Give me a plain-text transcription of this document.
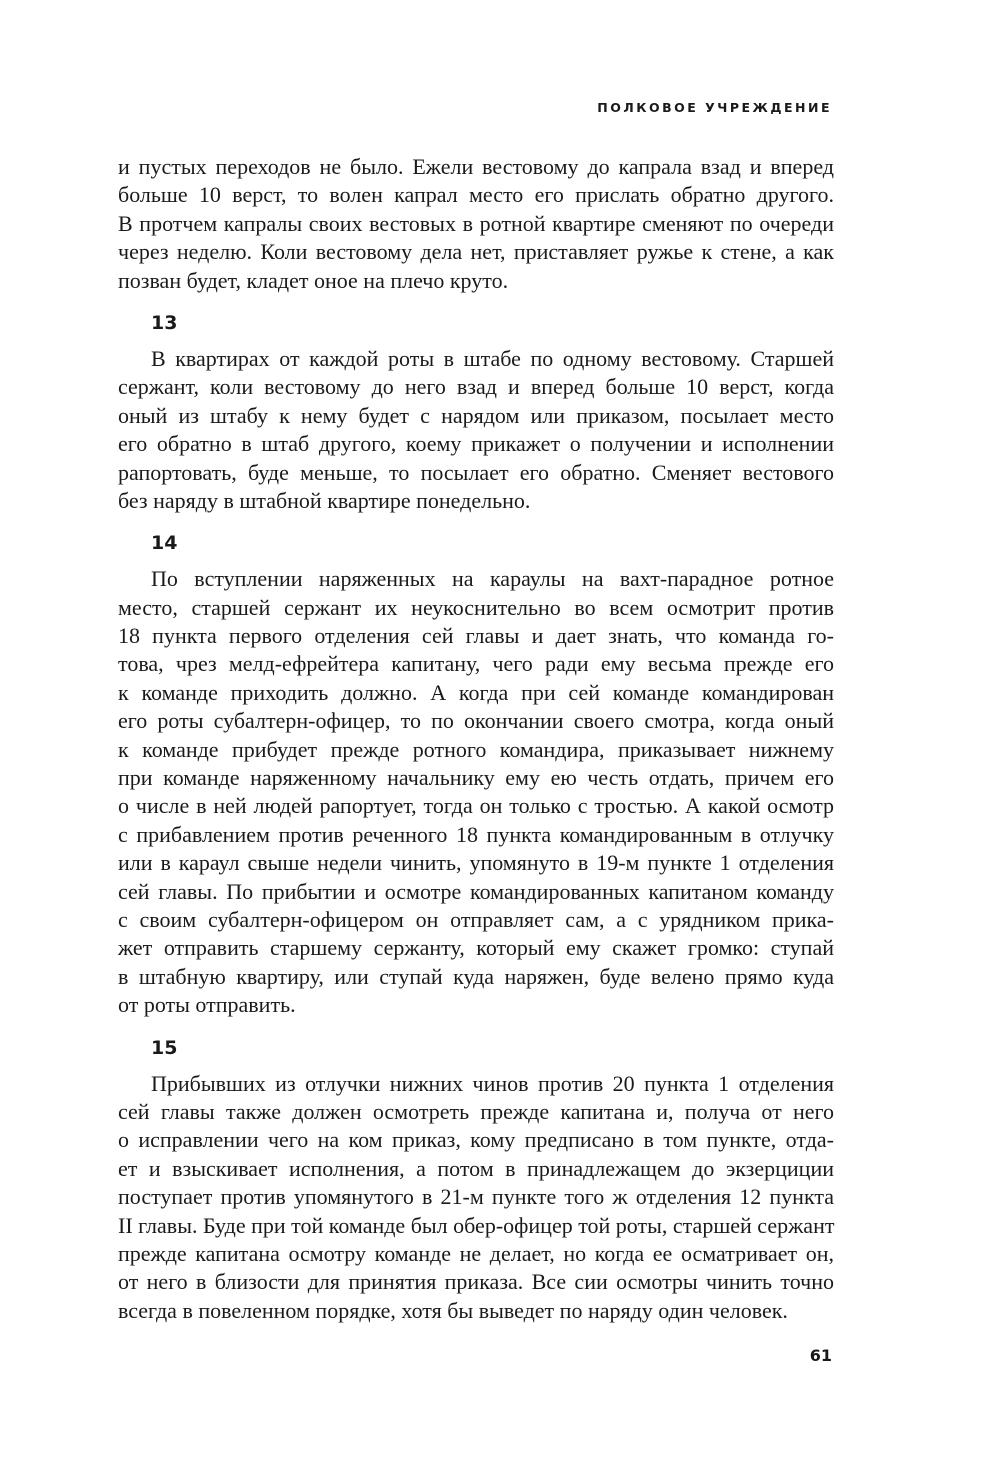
ПОЛКОВОЕ УЧРЕЖДЕНИЕ
и пустых переходов не было. Ежели вестовому до капрала взад и вперед
больше 10 верст, то волен капрал место его прислать обратно другого.
В протчем капралы своих вестовых в ротной квартире сменяют по очереди
через неделю. Коли вестовому дела нет, приставляет ружье к стене, а как
позван будет, кладет оное на плечо круто.
13
В квартирах от каждой роты в штабе по одному вестовому. Старшей
сержант, коли вестовому до него взад и вперед больше 10 верст, когда
оный из штабу к нему будет с нарядом или приказом, посылает место
его обратно в штаб другого, коему прикажет о получении и исполнении
рапортовать, буде меньше, то посылает его обратно. Сменяет вестового
без наряду в штабной квартире понедельно.
14
По вступлении наряженных на караулы на вахт-парадное ротное
место, старшей сержант их неукоснительно во всем осмотрит против
18 пункта первого отделения сей главы и дает знать, что команда го-
това, чрез мелд-ефрейтера капитану, чего ради ему весьма прежде его
к команде приходить должно. А когда при сей команде командирован
его роты субалтерн-офицер, то по окончании своего смотра, когда оный
к команде прибудет прежде ротного командира, приказывает нижнему
при команде наряженному начальнику ему ею честь отдать, причем его
о числе в ней людей рапортует, тогда он только с тростью. А какой осмотр
с прибавлением против реченного 18 пункта командированным в отлучку
или в караул свыше недели чинить, упомянуто в 19-м пункте 1 отделения
сей главы. По прибытии и осмотре командированных капитаном команду
с своим субалтерн-офицером он отправляет сам, а с урядником прика-
жет отправить старшему сержанту, который ему скажет громко: ступай
в штабную квартиру, или ступай куда наряжен, буде велено прямо куда
от роты отправить.
15
Прибывших из отлучки нижних чинов против 20 пункта 1 отделения
сей главы также должен осмотреть прежде капитана и, получа от него
о исправлении чего на ком приказ, кому предписано в том пункте, отда-
ет и взыскивает исполнения, а потом в принадлежащем до экзерциции
поступает против упомянутого в 21-м пункте того ж отделения 12 пункта
II главы. Буде при той команде был обер-офицер той роты, старшей сержант
прежде капитана осмотру команде не делает, но когда ее осматривает он,
от него в близости для принятия приказа. Все сии осмотры чинить точно
всегда в повеленном порядке, хотя бы выведет по наряду один человек.
61
